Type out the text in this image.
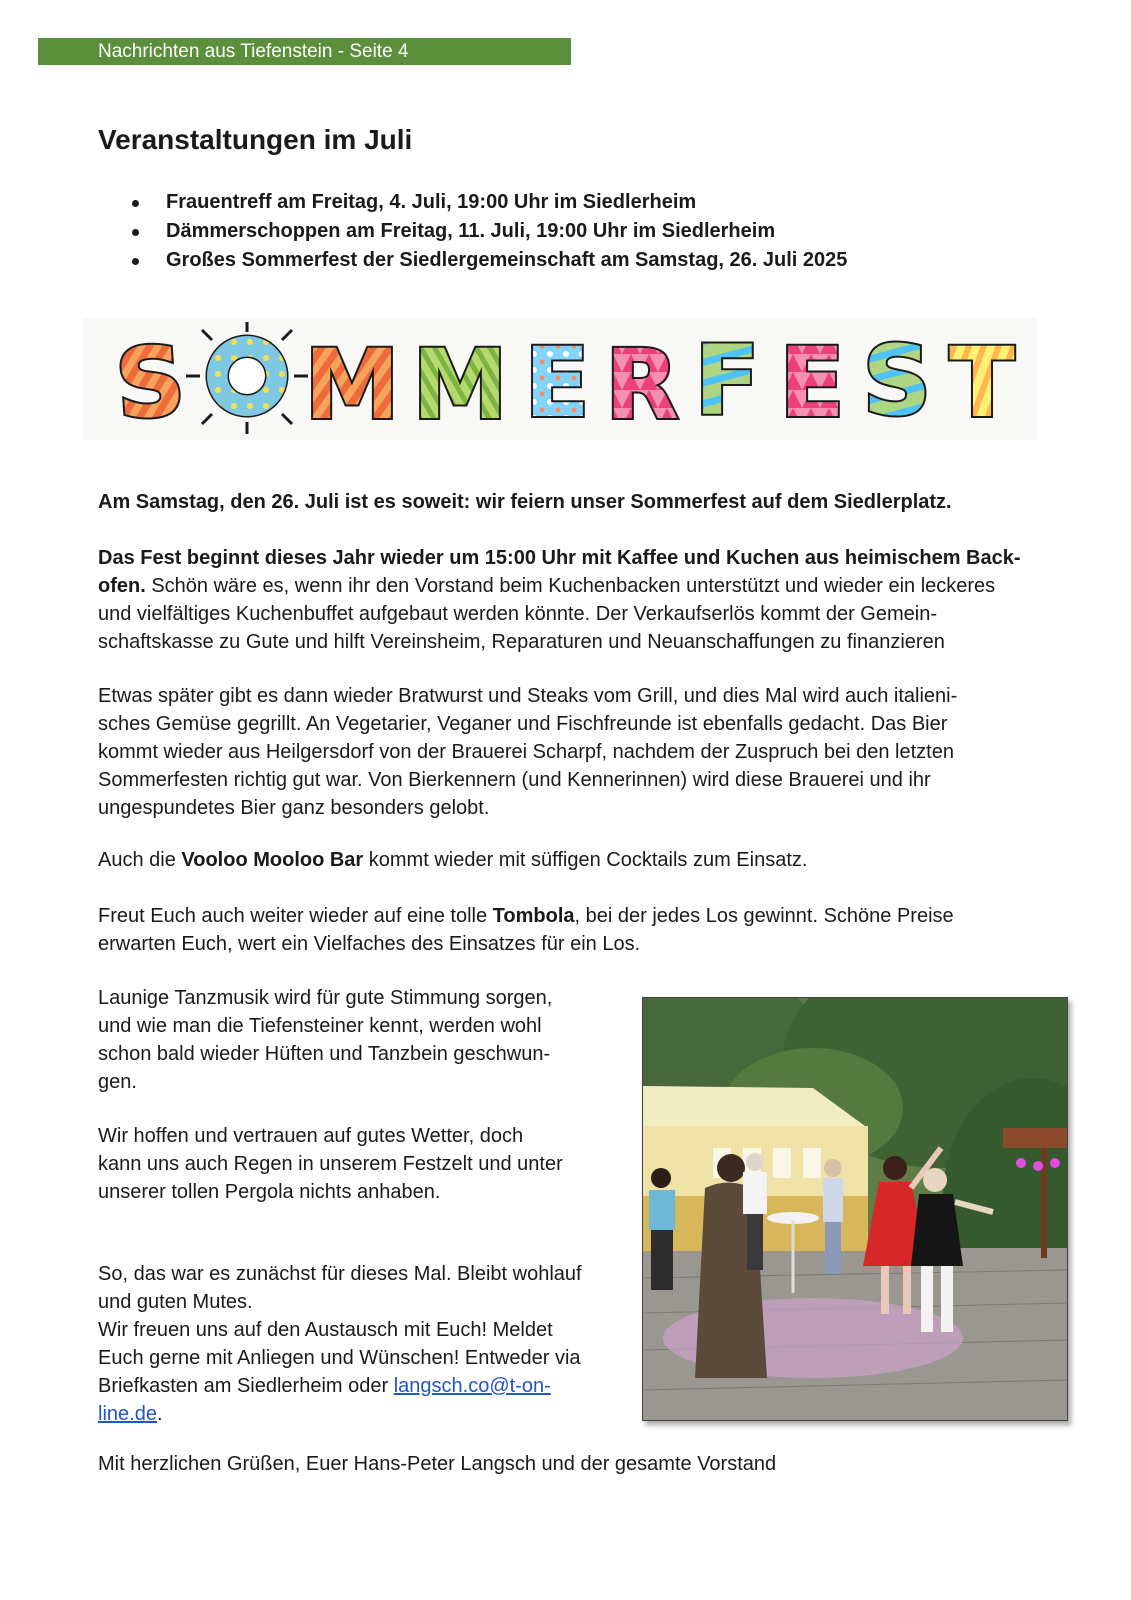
Nachrichten aus Tiefenstein - Seite 4
Veranstaltungen im Juli
Frauentreff am Freitag, 4. Juli, 19:00 Uhr im Siedlerheim
Dämmerschoppen am Freitag, 11. Juli, 19:00 Uhr im Siedlerheim
Großes Sommerfest der Siedlergemeinschaft am Samstag, 26. Juli 2025
S M M E R F E S T

Am Samstag, den 26. Juli ist es soweit: wir feiern unser Sommerfest auf dem Siedlerplatz.

Das Fest beginnt dieses Jahr wieder um 15:00 Uhr mit Kaffee und Kuchen aus heimischem Back-
ofen. Schön wäre es, wenn ihr den Vorstand beim Kuchenbacken unterstützt und wieder ein leckeres
und vielfältiges Kuchenbuffet aufgebaut werden könnte. Der Verkaufserlös kommt der Gemein-
schaftskasse zu Gute und hilft Vereinsheim, Reparaturen und Neuanschaffungen zu finanzieren
Etwas später gibt es dann wieder Bratwurst und Steaks vom Grill, und dies Mal wird auch italieni-
sches Gemüse gegrillt. An Vegetarier, Veganer und Fischfreunde ist ebenfalls gedacht. Das Bier
kommt wieder aus Heilgersdorf von der Brauerei Scharpf, nachdem der Zuspruch bei den letzten
Sommerfesten richtig gut war. Von Bierkennern (und Kennerinnen) wird diese Brauerei und ihr
ungespundetes Bier ganz besonders gelobt.
Auch die Vooloo Mooloo Bar kommt wieder mit süffigen Cocktails zum Einsatz.
Freut Euch auch weiter wieder auf eine tolle Tombola, bei der jedes Los gewinnt. Schöne Preise
erwarten Euch, wert ein Vielfaches des Einsatzes für ein Los.
Launige Tanzmusik wird für gute Stimmung sorgen,
und wie man die Tiefensteiner kennt, werden wohl
schon bald wieder Hüften und Tanzbein geschwun-
gen.
Wir hoffen und vertrauen auf gutes Wetter, doch
kann uns auch Regen in unserem Festzelt und unter
unserer tollen Pergola nichts anhaben.
So, das war es zunächst für dieses Mal. Bleibt wohlauf
und guten Mutes.
Wir freuen uns auf den Austausch mit Euch! Meldet
Euch gerne mit Anliegen und Wünschen! Entweder via
Briefkasten am Siedlerheim oder langsch.co@t-on-
line.de.

Mit herzlichen Grüßen, Euer Hans-Peter Langsch und der gesamte Vorstand
